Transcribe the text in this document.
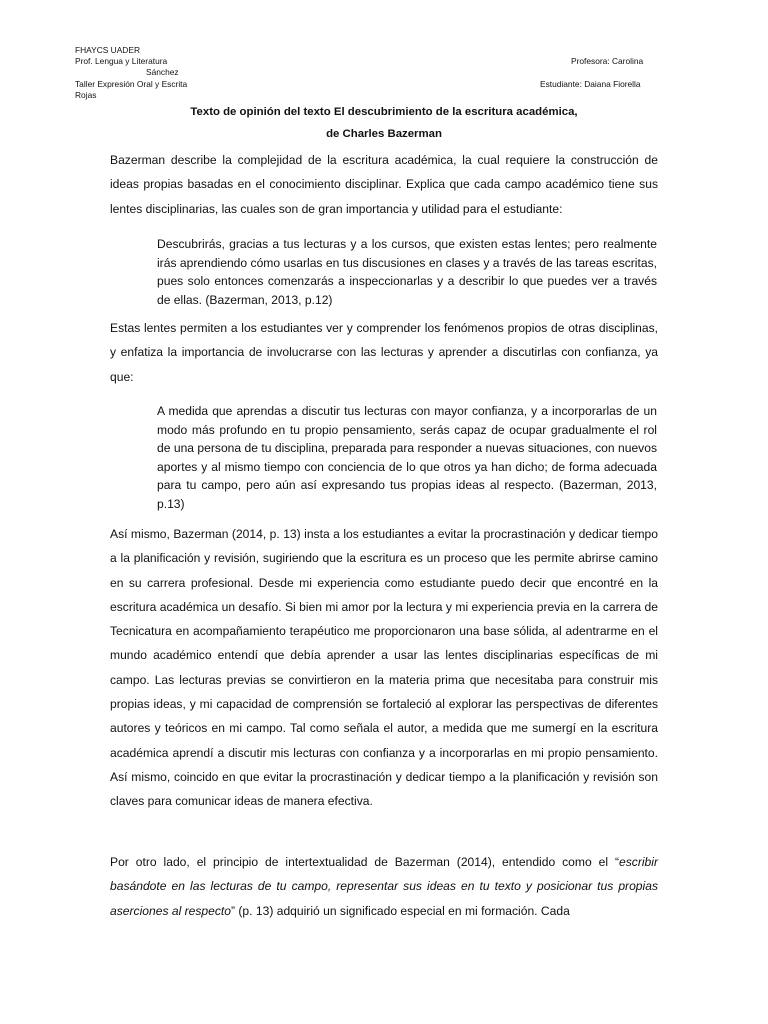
FHAYCS UADER
Prof. Lengua y Literatura	Profesora: Carolina
Sánchez
Taller Expresión Oral y Escrita	Estudiante: Daiana Fiorella
Rojas
Texto de opinión del texto El descubrimiento de la escritura académica,
de Charles Bazerman

Bazerman describe la complejidad de la escritura académica, la cual requiere la construcción de ideas propias basadas en el conocimiento disciplinar. Explica que cada campo académico tiene sus lentes disciplinarias, las cuales son de gran importancia y utilidad para el estudiante:

Descubrirás, gracias a tus lecturas y a los cursos, que existen estas lentes; pero realmente irás aprendiendo cómo usarlas en tus discusiones en clases y a través de las tareas escritas, pues solo entonces comenzarás a inspeccionarlas y a describir lo que puedes ver a través de ellas. (Bazerman, 2013, p.12)

Estas lentes permiten a los estudiantes ver y comprender los fenómenos propios de otras disciplinas, y enfatiza la importancia de involucrarse con las lecturas y aprender a discutirlas con confianza, ya que:

A medida que aprendas a discutir tus lecturas con mayor confianza, y a incorporarlas de un modo más profundo en tu propio pensamiento, serás capaz de ocupar gradualmente el rol de una persona de tu disciplina, preparada para responder a nuevas situaciones, con nuevos aportes y al mismo tiempo con conciencia de lo que otros ya han dicho; de forma adecuada para tu campo, pero aún así expresando tus propias ideas al respecto. (Bazerman, 2013, p.13)

Así mismo, Bazerman (2014, p. 13) insta a los estudiantes a evitar la procrastinación y dedicar tiempo a la planificación y revisión, sugiriendo que la escritura es un proceso que les permite abrirse camino en su carrera profesional. Desde mi experiencia como estudiante puedo decir que encontré en la escritura académica un desafío. Si bien mi amor por la lectura y mi experiencia previa en la carrera de Tecnicatura en acompañamiento terapéutico me proporcionaron una base sólida, al adentrarme en el mundo académico entendí que debía aprender a usar las lentes disciplinarias específicas de mi campo. Las lecturas previas se convirtieron en la materia prima que necesitaba para construir mis propias ideas, y mi capacidad de comprensión se fortaleció al explorar las perspectivas de diferentes autores y teóricos en mi campo. Tal como señala el autor, a medida que me sumergí en la escritura académica aprendí a discutir mis lecturas con confianza y a incorporarlas en mi propio pensamiento. Así mismo, coincido en que evitar la procrastinación y dedicar tiempo a la planificación y revisión son claves para comunicar ideas de manera efectiva.

Por otro lado, el principio de intertextualidad de Bazerman (2014), entendido como el “escribir basándote en las lecturas de tu campo, representar sus ideas en tu texto y posicionar tus propias aserciones al respecto” (p. 13) adquirió un significado especial en mi formación. Cada
